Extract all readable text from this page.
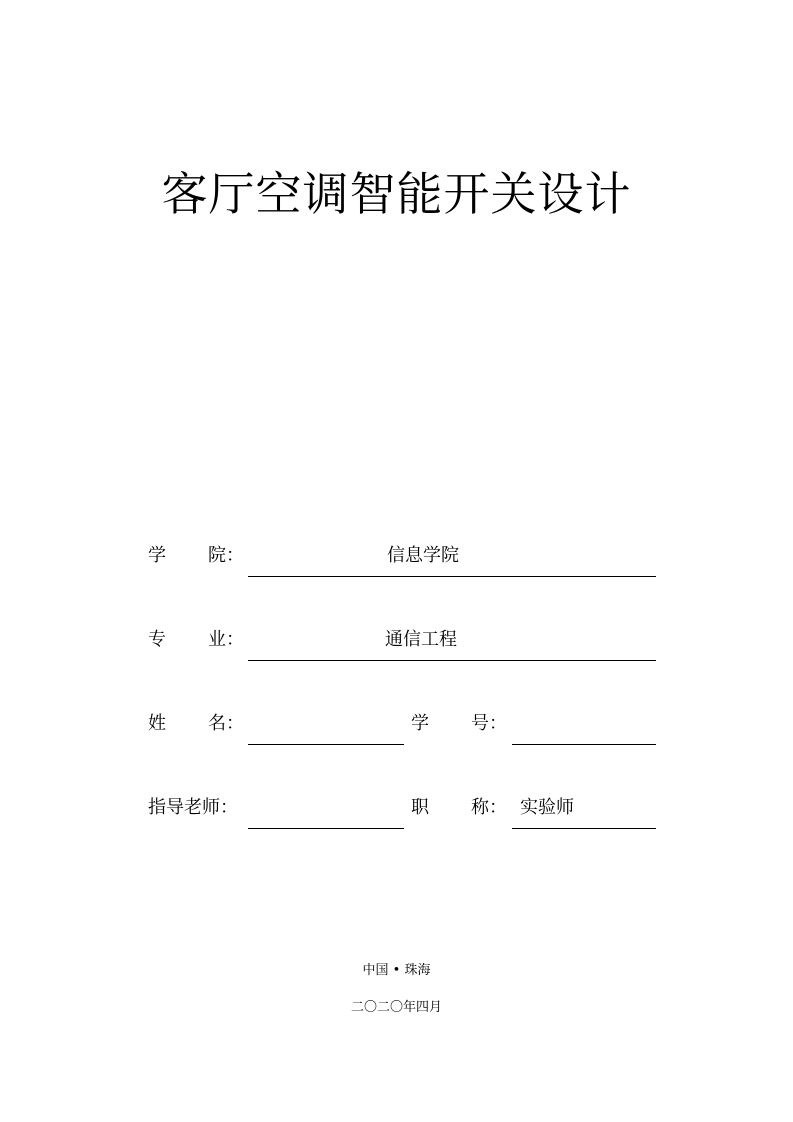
客厅空调智能开关设计
学 院：	信息学院
专 业：	通信工程
姓 名：	学 号：
指导老师：	职 称： 实验师
中国 • 珠海
二〇二〇年四月
